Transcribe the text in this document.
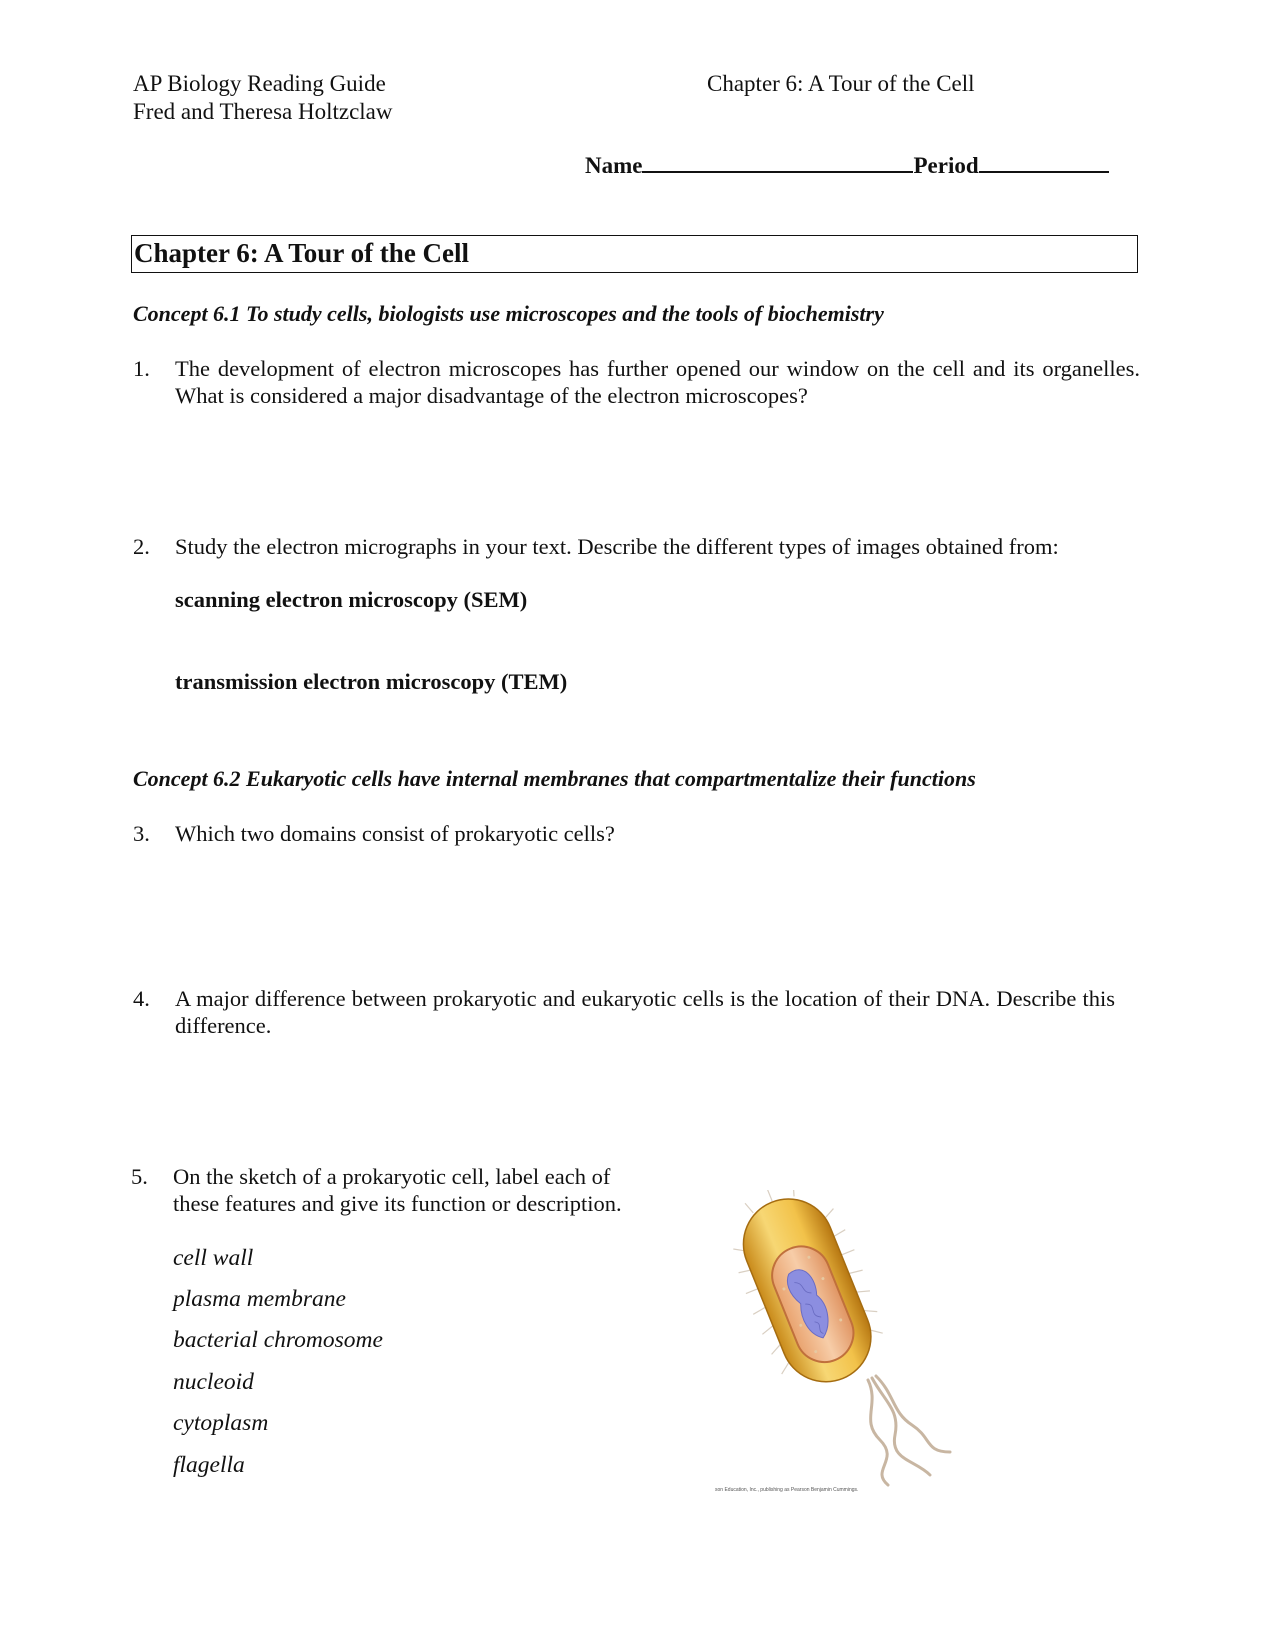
AP Biology Reading Guide
Fred and Theresa Holtzclaw
Chapter 6: A Tour of the Cell
Name	Period
Chapter 6: A Tour of the Cell
Concept 6.1 To study cells, biologists use microscopes and the tools of biochemistry
1. The development of electron microscopes has further opened our window on the cell and its organelles. What is considered a major disadvantage of the electron microscopes?
2. Study the electron micrographs in your text. Describe the different types of images obtained from:
scanning electron microscopy (SEM)
transmission electron microscopy (TEM)
Concept 6.2 Eukaryotic cells have internal membranes that compartmentalize their functions
3. Which two domains consist of prokaryotic cells?
4. A major difference between prokaryotic and eukaryotic cells is the location of their DNA. Describe this difference.
5. On the sketch of a prokaryotic cell, label each of
these features and give its function or description.
cell wall
plasma membrane
bacterial chromosome
nucleoid
cytoplasm
flagella
son Education, Inc., publishing as Pearson Benjamin Cummings.
